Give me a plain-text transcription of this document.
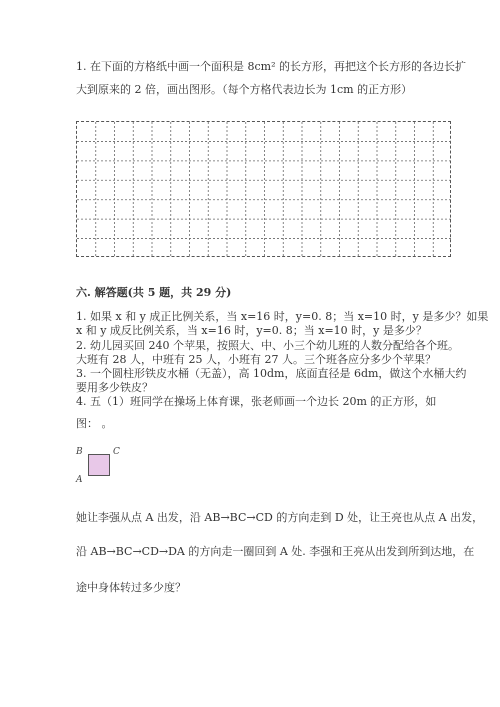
1. 在下面的方格纸中画一个面积是 8cm² 的长方形，再把这个长方形的各边长扩
大到原来的 2 倍，画出图形。（每个方格代表边长为 1cm 的正方形）
六. 解答题(共 5 题，共 29 分)
1. 如果 x 和 y 成正比例关系，当 x=16 时，y=0. 8；当 x=10 时，y 是多少？如果
x 和 y 成反比例关系，当 x=16 时，y=0. 8；当 x=10 时，y 是多少？
2. 幼儿园买回 240 个苹果，按照大、中、小三个幼儿班的人数分配给各个班。
大班有 28 人，中班有 25 人，小班有 27 人。三个班各应分多少个苹果？
3. 一个圆柱形铁皮水桶（无盖），高 10dm，底面直径是 6dm，做这个水桶大约
要用多少铁皮？
4. 五（1）班同学在操场上体育课，张老师画一个边长 20m 的正方形，如
图： 。
B	C
A
她让李强从点 A 出发，沿 AB→BC→CD 的方向走到 D 处，让王亮也从点 A 出发，
沿 AB→BC→CD→DA 的方向走一圈回到 A 处. 李强和王亮从出发到所到达地，在
途中身体转过多少度？
